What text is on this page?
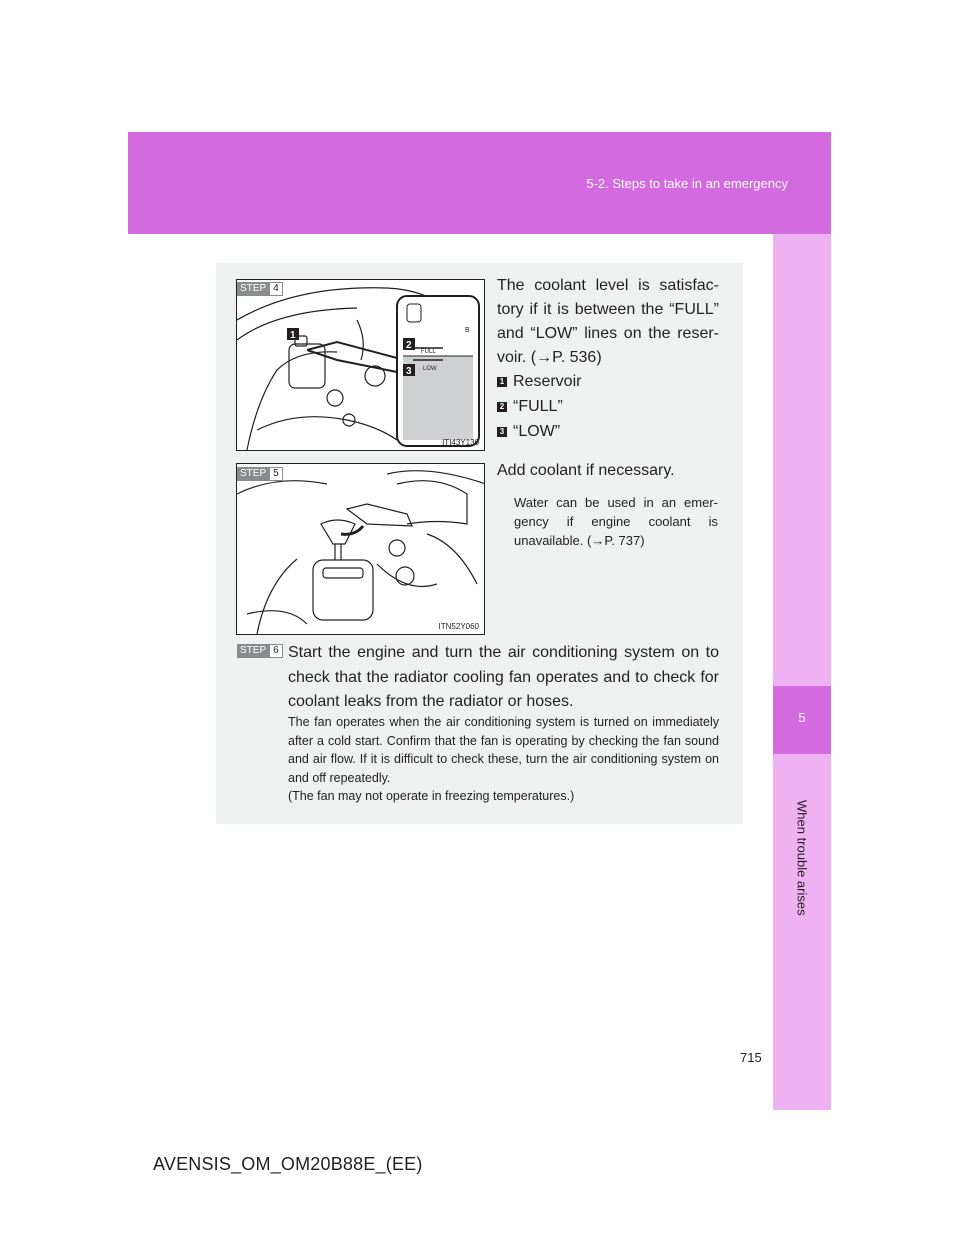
5-2. Steps to take in an emergency
5
When trouble arises
FULL
LOW
B
1
2
3
ITI43Y136
STEP 4	The coolant level is satisfac-tory if it is between the “FULL” and “LOW” lines on the reser-voir. (→P. 536)
1 Reservoir
2 “FULL”
3 “LOW”
ITN52Y060
STEP 5	Add coolant if necessary.
Water can be used in an emer-gency if engine coolant is unavailable. (→P. 737)
STEP 6 Start the engine and turn the air conditioning system on to check that the radiator cooling fan operates and to check for coolant leaks from the radiator or hoses.
The fan operates when the air conditioning system is turned on immediately after a cold start. Confirm that the fan is operating by checking the fan sound and air flow. If it is difficult to check these, turn the air conditioning system on and off repeatedly.
(The fan may not operate in freezing temperatures.)
715
AVENSIS_OM_OM20B88E_(EE)
